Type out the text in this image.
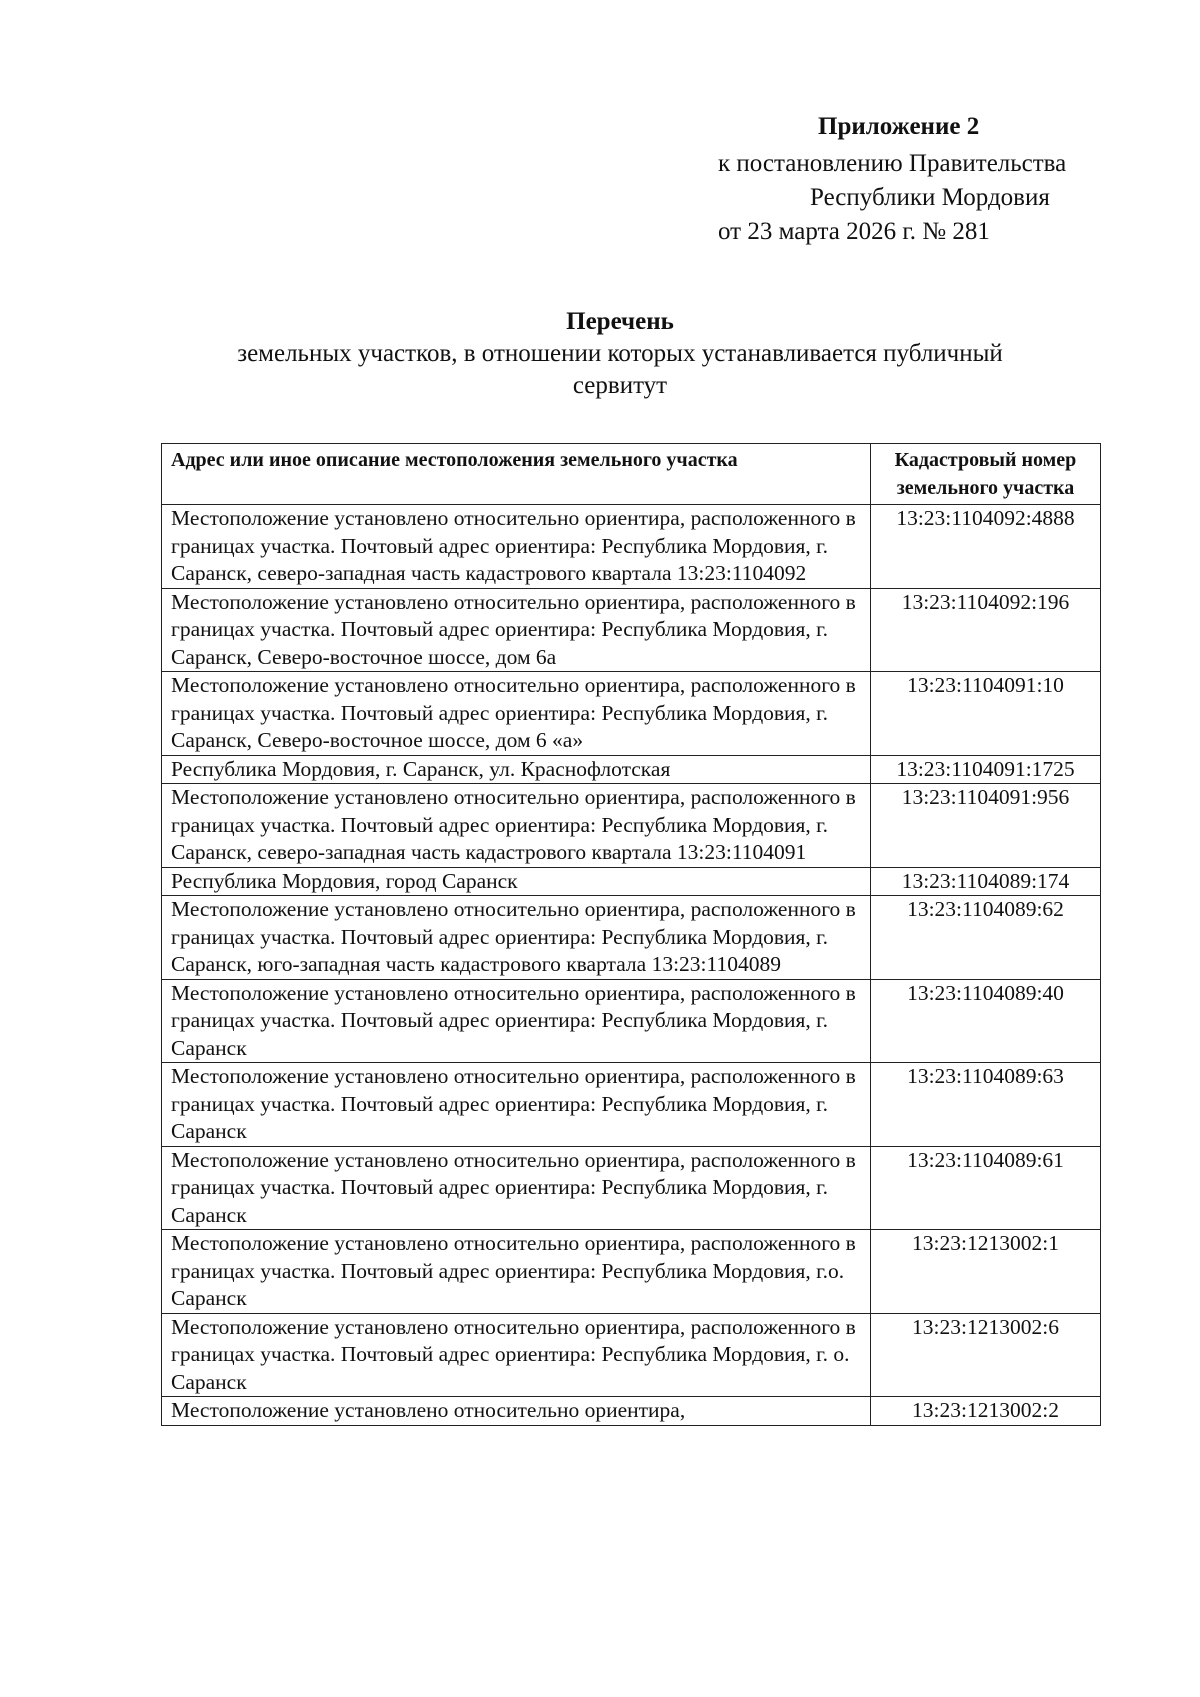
Приложение 2
к постановлению Правительства
Республики Мордовия
от 23 марта 2026 г. № 281
Перечень
земельных участков, в отношении которых устанавливается публичный
сервитут
Адрес или иное описание местоположения земельного участка	Кадастровый номер земельного участка
Местоположение установлено относительно ориентира, расположенного в границах участка. Почтовый адрес ориентира: Республика Мордовия, г. Саранск, северо-западная часть кадастрового квартала 13:23:1104092	13:23:1104092:4888
Местоположение установлено относительно ориентира, расположенного в границах участка. Почтовый адрес ориентира: Республика Мордовия, г. Саранск, Северо-восточное шоссе, дом 6а	13:23:1104092:196
Местоположение установлено относительно ориентира, расположенного в границах участка. Почтовый адрес ориентира: Республика Мордовия, г. Саранск, Северо-восточное шоссе, дом 6 «а»	13:23:1104091:10
Республика Мордовия, г. Саранск, ул. Краснофлотская	13:23:1104091:1725
Местоположение установлено относительно ориентира, расположенного в границах участка. Почтовый адрес ориентира: Республика Мордовия, г. Саранск, северо-западная часть кадастрового квартала 13:23:1104091	13:23:1104091:956
Республика Мордовия, город Саранск	13:23:1104089:174
Местоположение установлено относительно ориентира, расположенного в границах участка. Почтовый адрес ориентира: Республика Мордовия, г. Саранск, юго-западная часть кадастрового квартала 13:23:1104089	13:23:1104089:62
Местоположение установлено относительно ориентира, расположенного в границах участка. Почтовый адрес ориентира: Республика Мордовия, г. Саранск	13:23:1104089:40
Местоположение установлено относительно ориентира, расположенного в границах участка. Почтовый адрес ориентира: Республика Мордовия, г. Саранск	13:23:1104089:63
Местоположение установлено относительно ориентира, расположенного в границах участка. Почтовый адрес ориентира: Республика Мордовия, г. Саранск	13:23:1104089:61
Местоположение установлено относительно ориентира, расположенного в границах участка. Почтовый адрес ориентира: Республика Мордовия, г.о. Саранск	13:23:1213002:1
Местоположение установлено относительно ориентира, расположенного в границах участка. Почтовый адрес ориентира: Республика Мордовия, г. о. Саранск	13:23:1213002:6
Местоположение установлено относительно ориентира,	13:23:1213002:2
